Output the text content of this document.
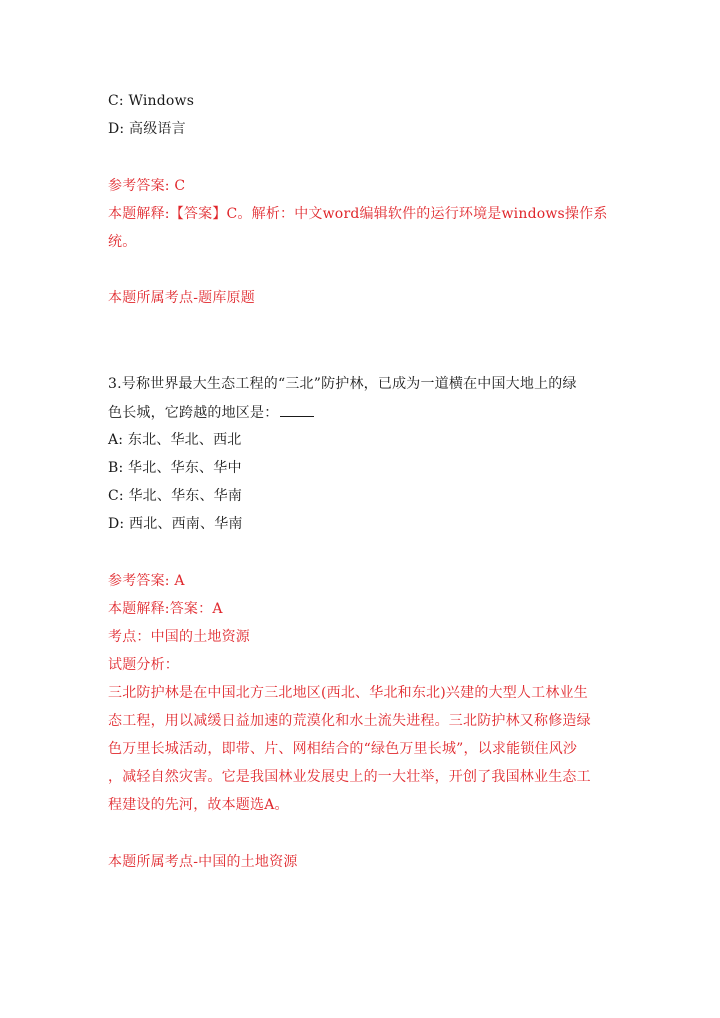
C: Windows
D: 高级语言
参考答案: C
本题解释:【答案】C。解析：中文word编辑软件的运行环境是windows操作系
统。
本题所属考点-题库原题
3.号称世界最大生态工程的“三北”防护林，已成为一道横在中国大地上的绿
色长城，它跨越的地区是：
A: 东北、华北、西北
B: 华北、华东、华中
C: 华北、华东、华南
D: 西北、西南、华南
参考答案: A
本题解释:答案：A
考点：中国的土地资源
试题分析：
三北防护林是在中国北方三北地区(西北、华北和东北)兴建的大型人工林业生
态工程，用以减缓日益加速的荒漠化和水土流失进程。三北防护林又称修造绿
色万里长城活动，即带、片、网相结合的“绿色万里长城”，以求能锁住风沙
，减轻自然灾害。它是我国林业发展史上的一大壮举，开创了我国林业生态工
程建设的先河，故本题选A。
本题所属考点-中国的土地资源
